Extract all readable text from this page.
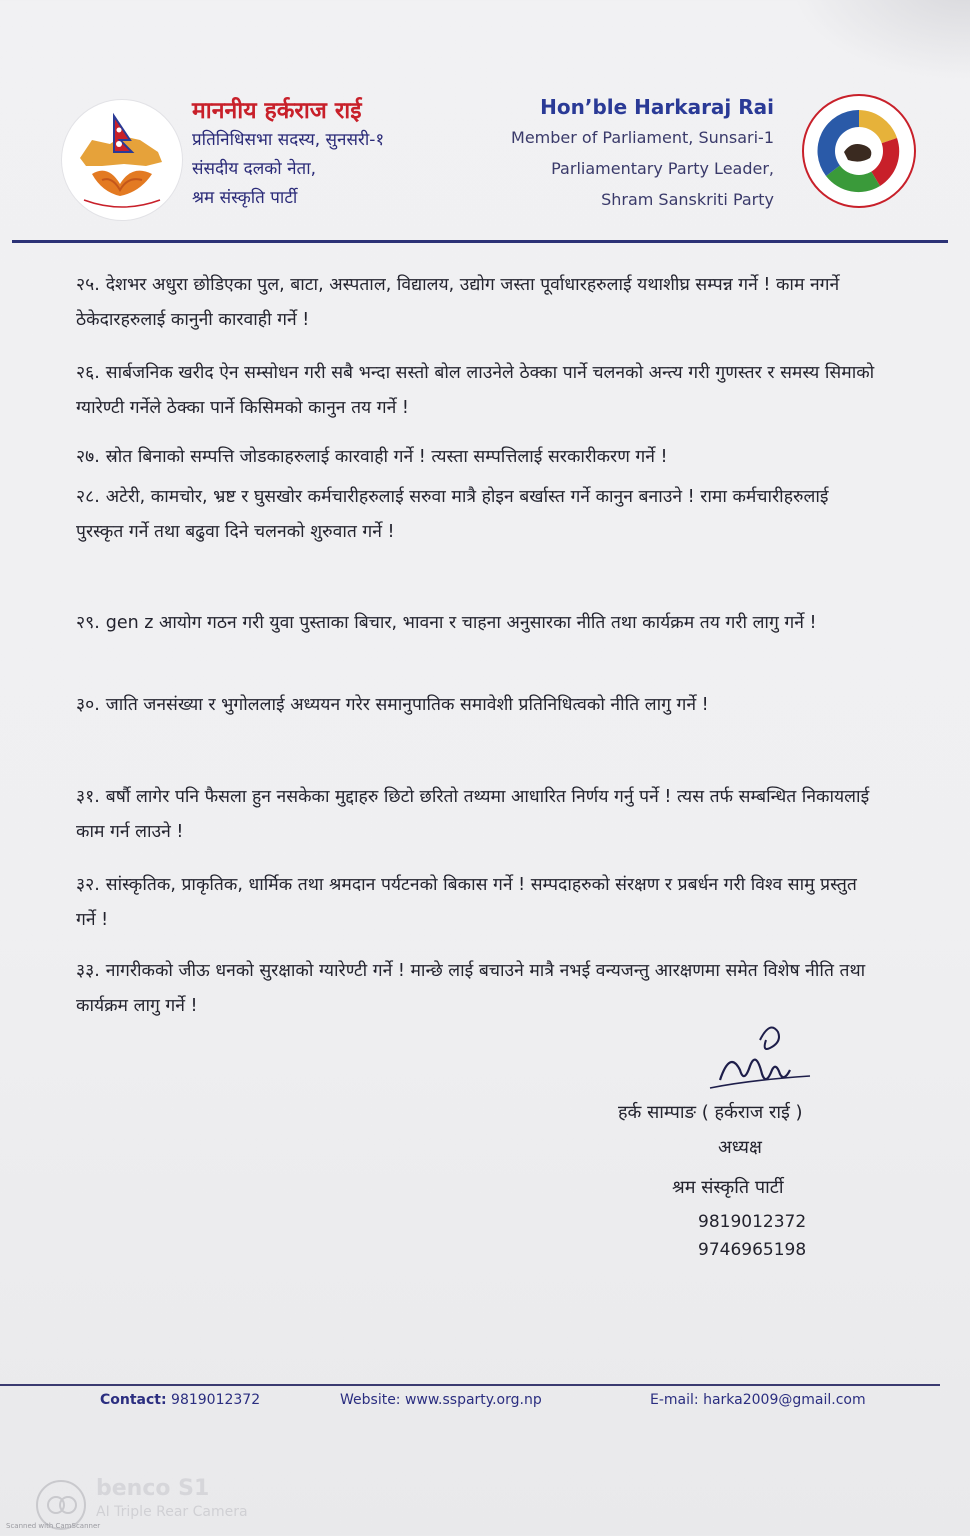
माननीय हर्कराज राई
प्रतिनिधिसभा सदस्य, सुनसरी-१
संसदीय दलको नेता,
श्रम संस्कृति पार्टी
Hon’ble Harkaraj Rai
Member of Parliament, Sunsari-1
Parliamentary Party Leader,
Shram Sanskriti Party
२५. देशभर अधुरा छोडिएका पुल, बाटा, अस्पताल, विद्यालय, उद्योग जस्ता पूर्वाधारहरुलाई यथाशीघ्र सम्पन्न गर्ने ! काम नगर्ने ठेकेदारहरुलाई कानुनी कारवाही गर्ने !
२६. सार्बजनिक खरीद ऐन सम्सोधन गरी सबै भन्दा सस्तो बोल लाउनेले ठेक्का पार्ने चलनको अन्त्य गरी गुणस्तर र समस्य सिमाको ग्यारेण्टी गर्नेले ठेक्का पार्ने किसिमको कानुन तय गर्ने !
२७. स्रोत बिनाको सम्पत्ति जोडकाहरुलाई कारवाही गर्ने ! त्यस्ता सम्पत्तिलाई सरकारीकरण गर्ने !
२८. अटेरी, कामचोर, भ्रष्ट र घुसखोर कर्मचारीहरुलाई सरुवा मात्रै होइन बर्खास्त गर्ने कानुन बनाउने ! रामा कर्मचारीहरुलाई पुरस्कृत गर्ने तथा बढुवा दिने चलनको शुरुवात गर्ने !
२९. gen z आयोग गठन गरी युवा पुस्ताका बिचार, भावना र चाहना अनुसारका नीति तथा कार्यक्रम तय गरी लागु गर्ने !
३०. जाति जनसंख्या र भुगोललाई अध्ययन गरेर समानुपातिक समावेशी प्रतिनिधित्वको नीति लागु गर्ने !
३१. बर्षौ लागेर पनि फैसला हुन नसकेका मुद्दाहरु छिटो छरितो तथ्यमा आधारित निर्णय गर्नु पर्ने ! त्यस तर्फ सम्बन्धित निकायलाई काम गर्न लाउने !
३२. सांस्कृतिक, प्राकृतिक, धार्मिक तथा श्रमदान पर्यटनको बिकास गर्ने ! सम्पदाहरुको संरक्षण र प्रबर्धन गरी विश्व सामु प्रस्तुत गर्ने !
३३. नागरीकको जीऊ धनको सुरक्षाको ग्यारेण्टी गर्ने ! मान्छे लाई बचाउने मात्रै नभई वन्यजन्तु आरक्षणमा समेत विशेष नीति तथा कार्यक्रम लागु गर्ने !
हर्क साम्पाङ ( हर्कराज राई )
अध्यक्ष
श्रम संस्कृति पार्टी
9819012372
9746965198
Contact: 9819012372	Website: www.ssparty.org.np	E-mail: harka2009@gmail.com
benco S1
AI Triple Rear Camera
Scanned with CamScanner
